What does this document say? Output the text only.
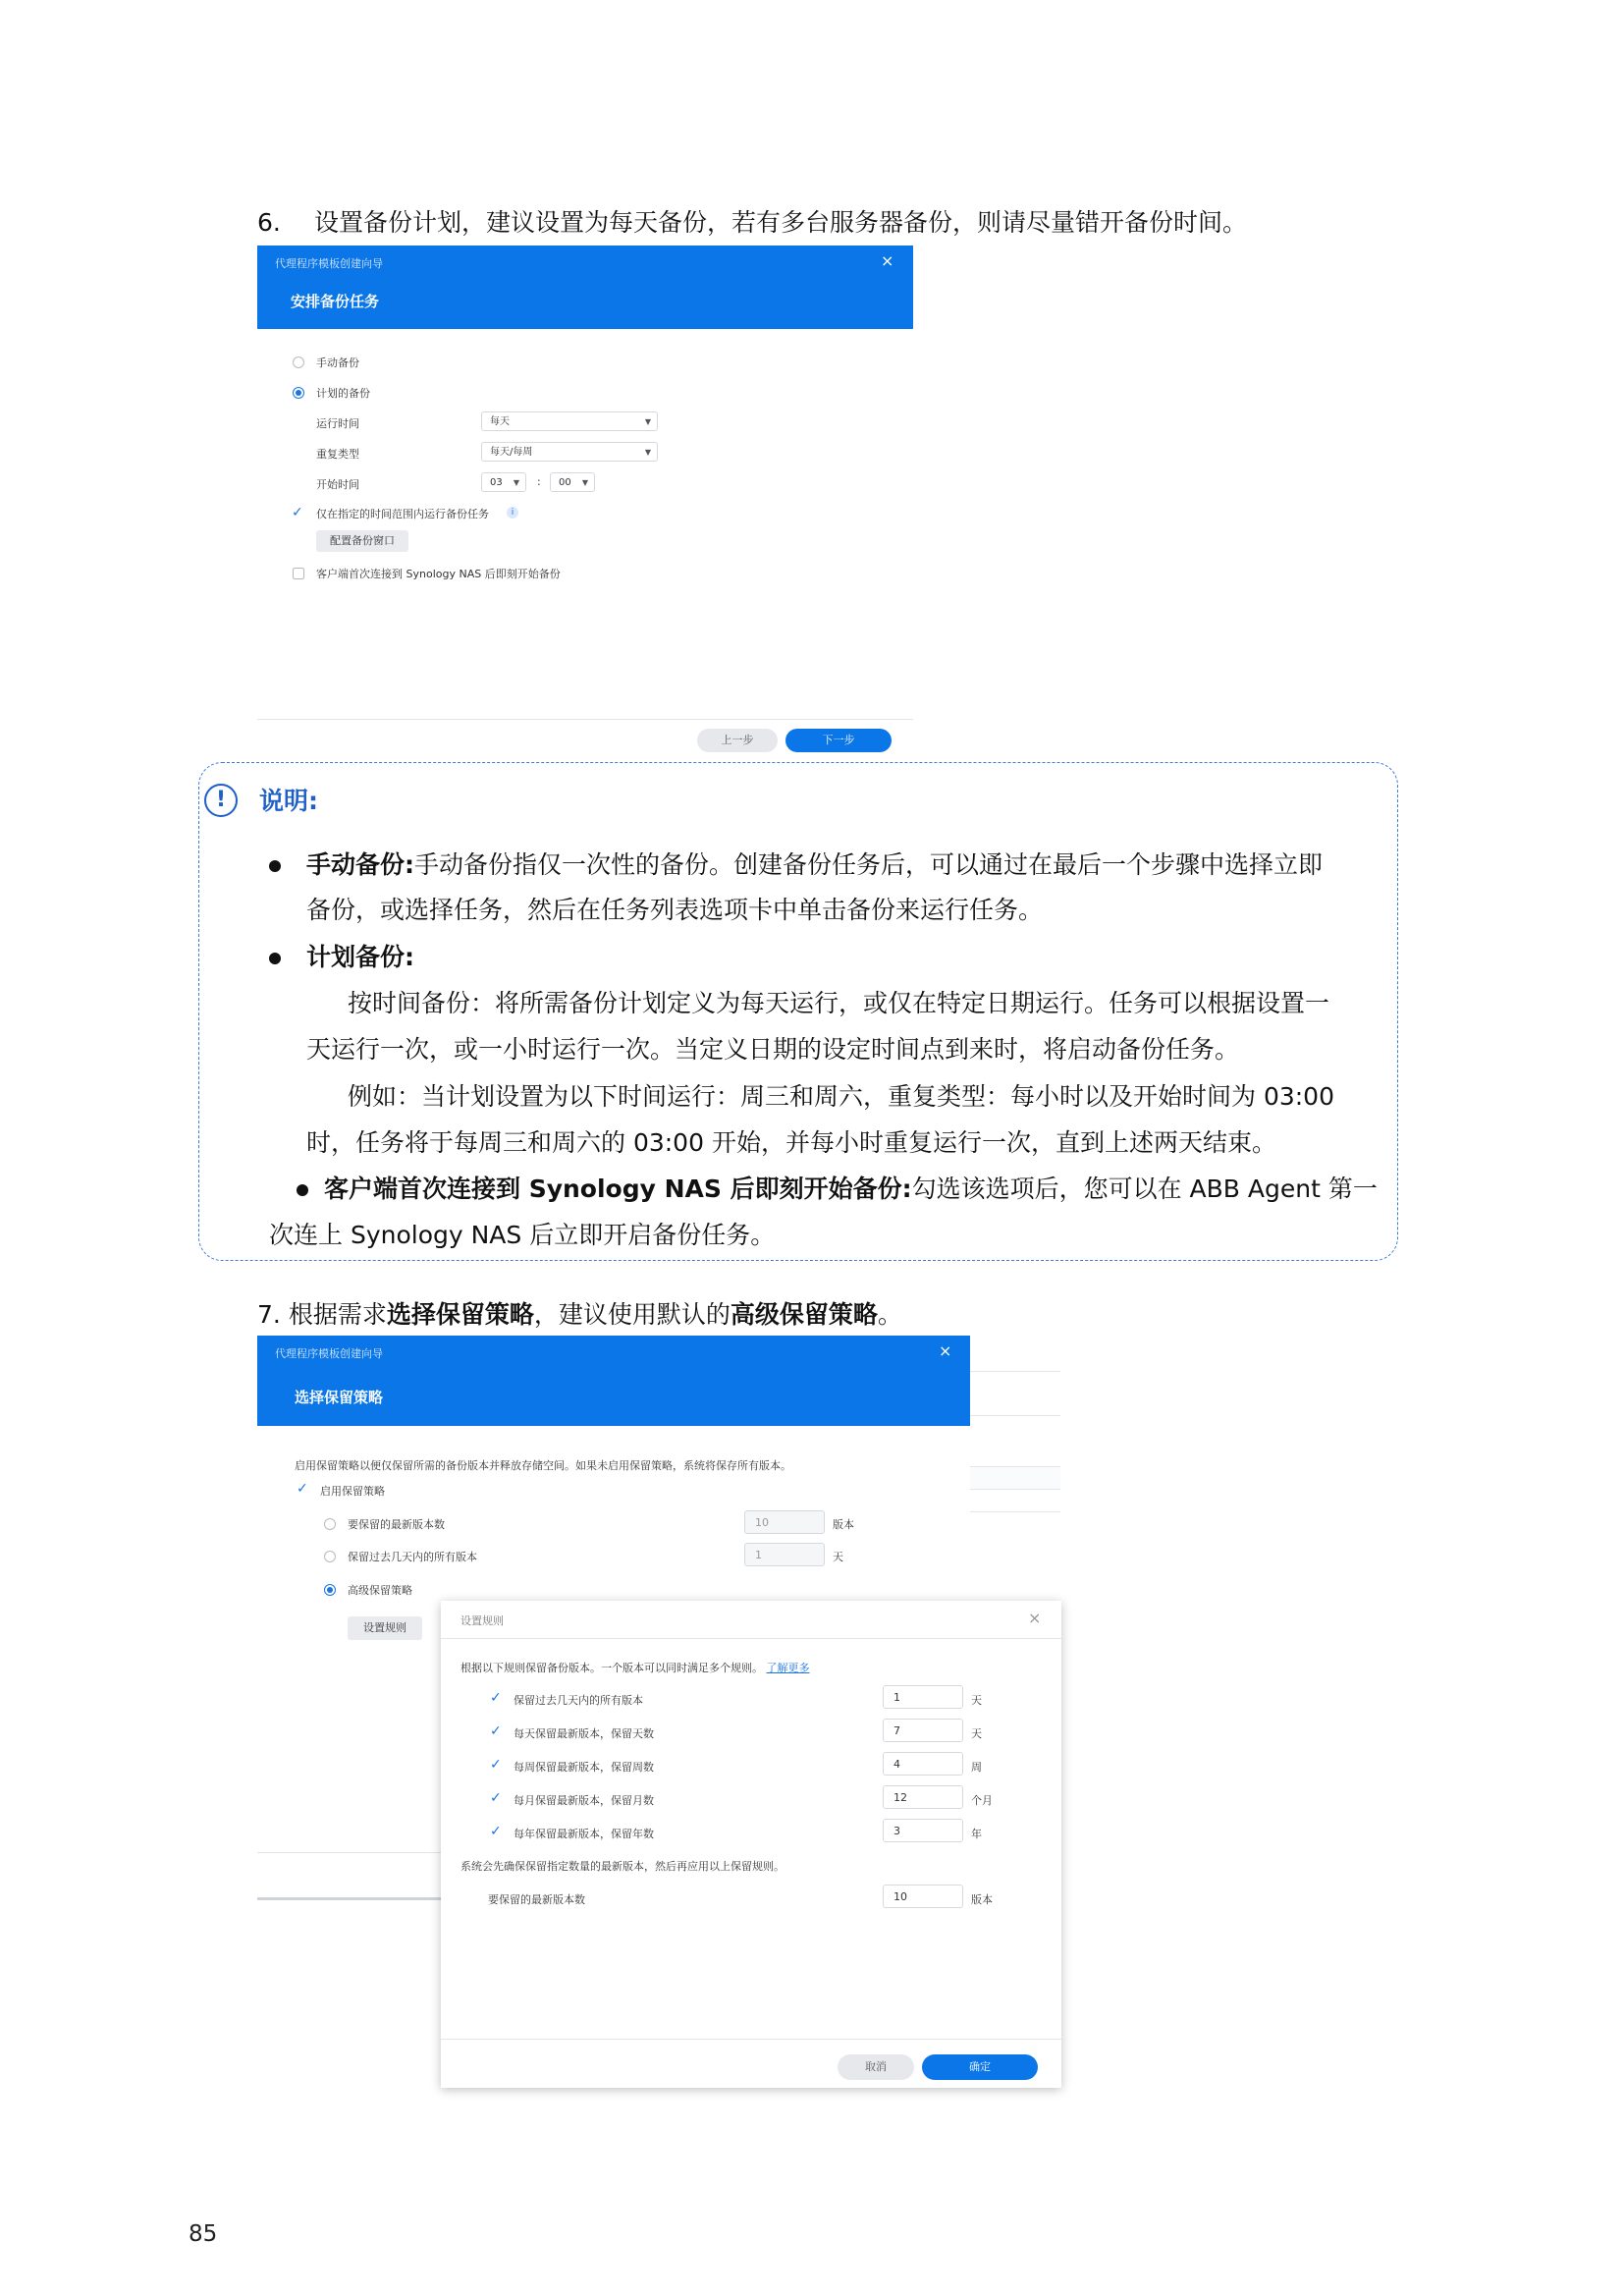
6. 设置备份计划，建议设置为每天备份，若有多台服务器备份，则请尽量错开备份时间。
代理程序模板创建向导	×
安排备份任务
手动备份
计划的备份
运行时间	每天	▼
重复类型	每天/每周	▼
开始时间	03 ▼ :	00 ▼
✓ 仅在指定的时间范围内运行备份任务	i
配置备份窗口
客户端首次连接到 Synology NAS 后即刻开始备份
上一步	下一步
!	说明:
手动备份:手动备份指仅一次性的备份。创建备份任务后，可以通过在最后一个步骤中选择立即
备份，或选择任务，然后在任务列表选项卡中单击备份来运行任务。
计划备份:
按时间备份：将所需备份计划定义为每天运行，或仅在特定日期运行。任务可以根据设置一
天运行一次，或一小时运行一次。当定义日期的设定时间点到来时，将启动备份任务。
例如：当计划设置为以下时间运行：周三和周六，重复类型：每小时以及开始时间为 03:00
时，任务将于每周三和周六的 03:00 开始，并每小时重复运行一次，直到上述两天结束。
客户端首次连接到 Synology NAS 后即刻开始备份:勾选该选项后，您可以在 ABB Agent 第一
次连上 Synology NAS 后立即开启备份任务。
7. 根据需求选择保留策略，建议使用默认的高级保留策略。
代理程序模板创建向导	×
选择保留策略
启用保留策略以便仅保留所需的备份版本并释放存储空间。如果未启用保留策略，系统将保存所有版本。
✓ 启用保留策略
要保留的最新版本数	10	版本
保留过去几天内的所有版本	1	天
高级保留策略
设置规则
设置规则	×
根据以下规则保留备份版本。一个版本可以同时满足多个规则。 了解更多
✓ 保留过去几天内的所有版本	1	天
✓ 每天保留最新版本，保留天数	7	天
✓ 每周保留最新版本，保留周数	4	周
✓ 每月保留最新版本，保留月数	12	个月
✓ 每年保留最新版本，保留年数	3	年
系统会先确保保留指定数量的最新版本，然后再应用以上保留规则。
要保留的最新版本数	10	版本
取消	确定
85
